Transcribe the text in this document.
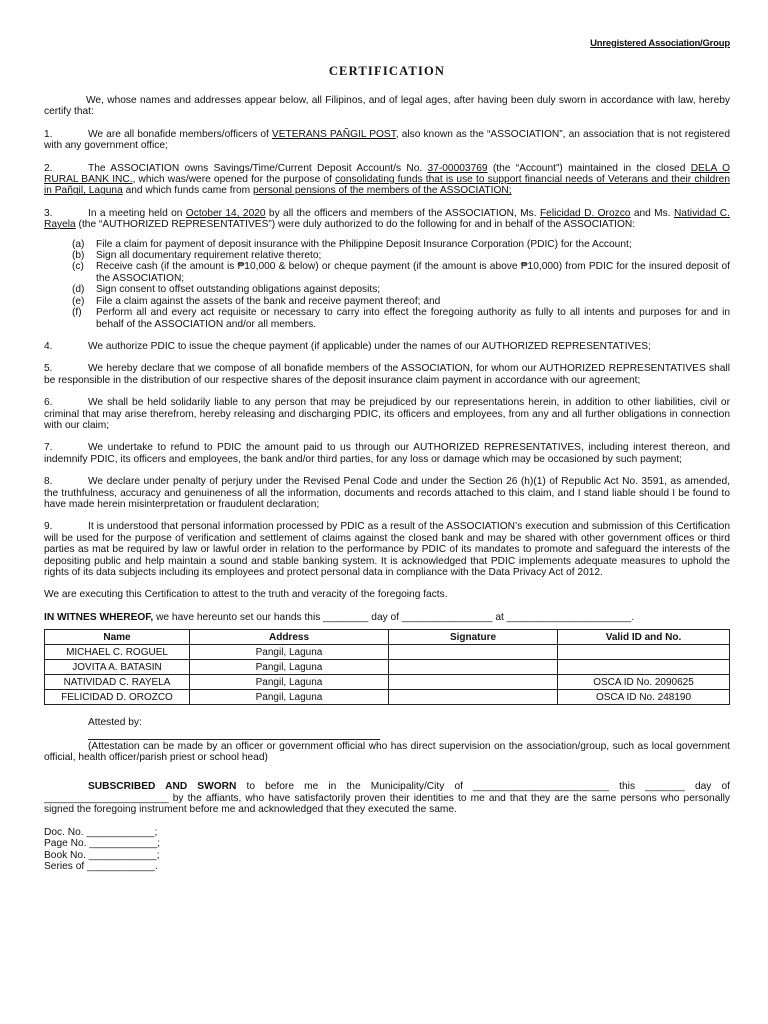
Unregistered Association/Group
CERTIFICATION

We, whose names and addresses appear below, all Filipinos, and of legal ages, after having been duly sworn in accordance with law, hereby certify that:

1.	We are all bonafide members/officers of VETERANS PAÑGIL POST, also known as the “ASSOCIATION”, an association that is not registered with any government office;

2.	The ASSOCIATION owns Savings/Time/Current Deposit Account/s No. 37-00003769 (the “Account”) maintained in the closed DELA O RURAL BANK INC., which was/were opened for the purpose of consolidating funds that is use to support financial needs of Veterans and their children in Pañgil, Laguna and which funds came from personal pensions of the members of the ASSOCIATION;

3.	In a meeting held on October 14, 2020 by all the officers and members of the ASSOCIATION, Ms. Felicidad D. Orozco and Ms. Natividad C. Rayela (the “AUTHORIZED REPRESENTATIVES”) were duly authorized to do the following for and in behalf of the ASSOCIATION:

(a)	File a claim for payment of deposit insurance with the Philippine Deposit Insurance Corporation (PDIC) for the Account;
(b)	Sign all documentary requirement relative thereto;
(c)	Receive cash (if the amount is ₱10,000 & below) or cheque payment (if the amount is above ₱10,000) from PDIC for the insured deposit of the ASSOCIATION;
(d)	Sign consent to offset outstanding obligations against deposits;
(e)	File a claim against the assets of the bank and receive payment thereof; and
(f)	Perform all and every act requisite or necessary to carry into effect the foregoing authority as fully to all intents and purposes for and in behalf of the ASSOCIATION and/or all members.

4.	We authorize PDIC to issue the cheque payment (if applicable) under the names of our AUTHORIZED REPRESENTATIVES;

5.	We hereby declare that we compose of all bonafide members of the ASSOCIATION, for whom our AUTHORIZED REPRESENTATIVES shall be responsible in the distribution of our respective shares of the deposit insurance claim payment in accordance with our agreement;

6.	We shall be held solidarily liable to any person that may be prejudiced by our representations herein, in addition to other liabilities, civil or criminal that may arise therefrom, hereby releasing and discharging PDIC, its officers and employees, from any and all further obligations in connection with our claim;

7.	We undertake to refund to PDIC the amount paid to us through our AUTHORIZED REPRESENTATIVES, including interest thereon, and indemnify PDIC, its officers and employees, the bank and/or third parties, for any loss or damage which may be occasioned by such payment;

8.	We declare under penalty of perjury under the Revised Penal Code and under the Section 26 (h)(1) of Republic Act No. 3591, as amended, the truthfulness, accuracy and genuineness of all the information, documents and records attached to this claim, and I stand liable should I be found to have made herein misinterpretation or fraudulent declaration;

9.	It is understood that personal information processed by PDIC as a result of the ASSOCIATION’s execution and submission of this Certification will be used for the purpose of verification and settlement of claims against the closed bank and may be shared with other government offices or third parties as mat be required by law or lawful order in relation to the performance by PDIC of its mandates to promote and safeguard the interests of the depositing public and help maintain a sound and stable banking system. It is acknowledged that PDIC implements adequate measures to uphold the rights of its data subjects including its employees and protect personal data in compliance with the Data Privacy Act of 2012.

We are executing this Certification to attest to the truth and veracity of the foregoing facts.

IN WITNES WHEREOF, we have hereunto set our hands this ________ day of ________________ at ______________________.

Name	Address	Signature	Valid ID and No.
MICHAEL C. ROGUEL	Pangil, Laguna		
JOVITA A. BATASIN	Pangil, Laguna		
NATIVIDAD C. RAYELA	Pangil, Laguna		OSCA ID No. 2090625
FELICIDAD D. OROZCO	Pangil, Laguna		OSCA ID No. 248190
Attested by:

(Attestation can be made by an officer or government official who has direct supervision on the association/group, such as local government official, health officer/parish priest or school head)

SUBSCRIBED AND SWORN to before me in the Municipality/City of ________________________ this _______ day of ______________________ by the affiants, who have satisfactorily proven their identities to me and that they are the same persons who personally signed the foregoing instrument before me and acknowledged that they executed the same.

Doc. No. ____________;
Page No. ____________;
Book No. ____________;
Series of ____________.
